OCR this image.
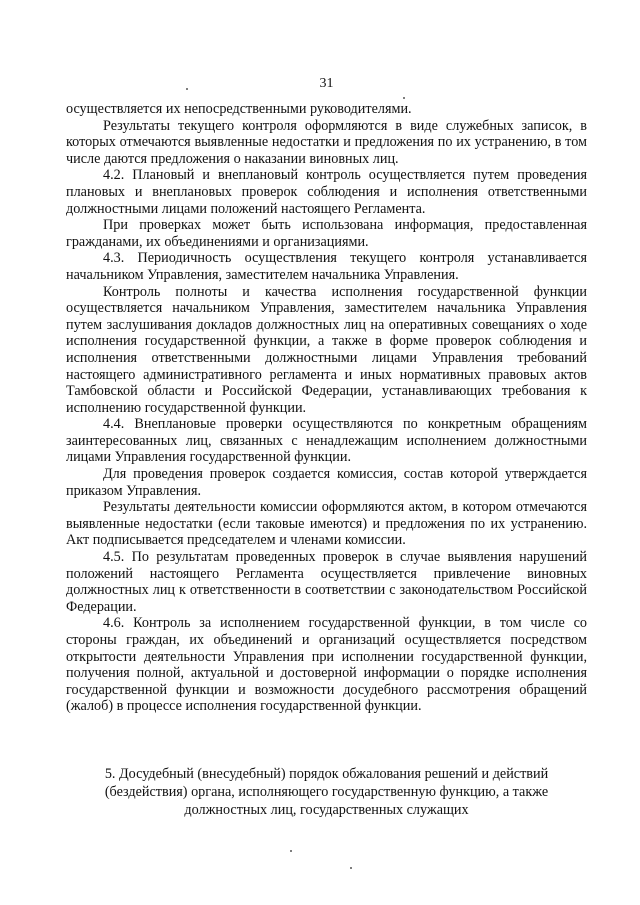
31

осуществляется их непосредственными руководителями.

Результаты текущего контроля оформляются в виде служебных записок, в которых отмечаются выявленные недостатки и предложения по их устранению, в том числе даются предложения о наказании виновных лиц.

4.2. Плановый и внеплановый контроль осуществляется путем проведения плановых и внеплановых проверок соблюдения и исполнения ответственными должностными лицами положений настоящего Регламента.

При проверках может быть использована информация, предоставленная гражданами, их объединениями и организациями.

4.3. Периодичность осуществления текущего контроля устанавливается начальником Управления, заместителем начальника Управления.

Контроль полноты и качества исполнения государственной функции осуществляется начальником Управления, заместителем начальника Управления путем заслушивания докладов должностных лиц на оперативных совещаниях о ходе исполнения государственной функции, а также в форме проверок соблюдения и исполнения ответственными должностными лицами Управления требований настоящего административного регламента и иных нормативных правовых актов Тамбовской области и Российской Федерации, устанавливающих требования к исполнению государственной функции.

4.4. Внеплановые проверки осуществляются по конкретным обращениям заинтересованных лиц, связанных с ненадлежащим исполнением должностными лицами Управления государственной функции.

Для проведения проверок создается комиссия, состав которой утверждается приказом Управления.

Результаты деятельности комиссии оформляются актом, в котором отмечаются выявленные недостатки (если таковые имеются) и предложения по их устранению. Акт подписывается председателем и членами комиссии.

4.5. По результатам проведенных проверок в случае выявления нарушений положений настоящего Регламента осуществляется привлечение виновных должностных лиц к ответственности в соответствии с законодательством Российской Федерации.

4.6. Контроль за исполнением государственной функции, в том числе со стороны граждан, их объединений и организаций осуществляется посредством открытости деятельности Управления при исполнении государственной функции, получения полной, актуальной и достоверной информации о порядке исполнения государственной функции и возможности досудебного рассмотрения обращений (жалоб) в процессе исполнения государственной функции.

5. Досудебный (внесудебный) порядок обжалования решений и действий
(бездействия) органа, исполняющего государственную функцию, а также
должностных лиц, государственных служащих
